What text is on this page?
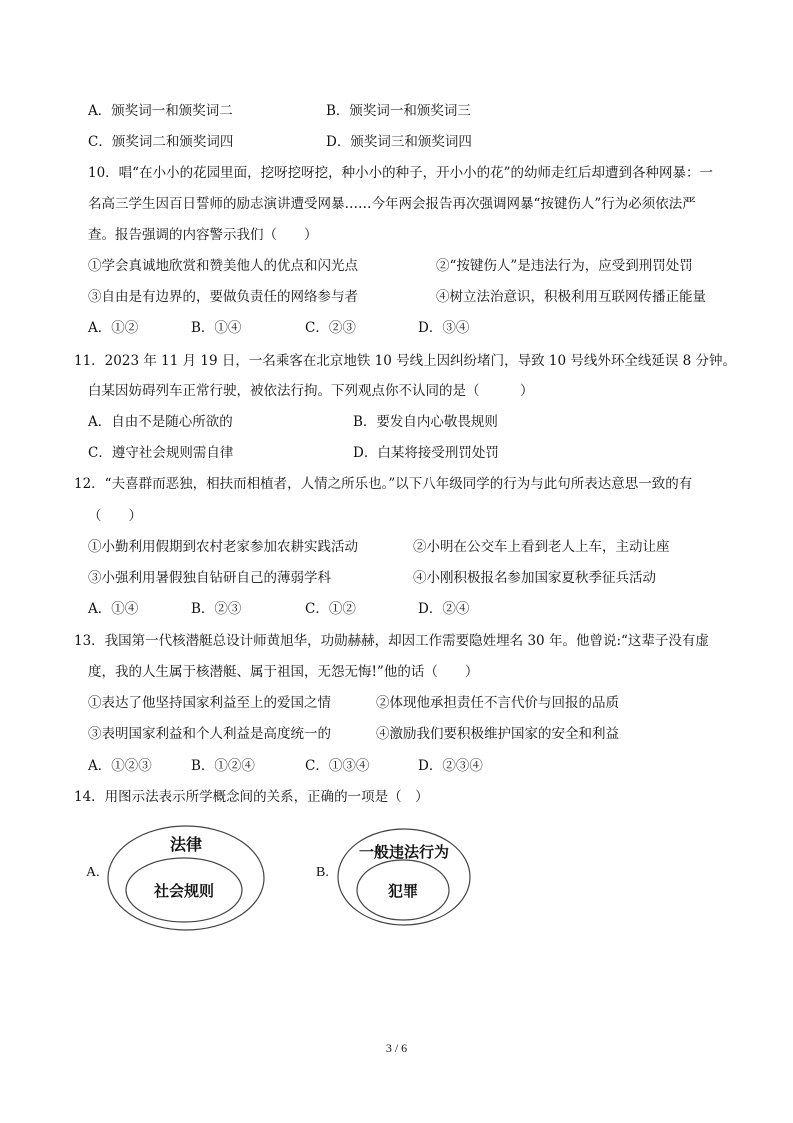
A．颁奖词一和颁奖词二	B．颁奖词一和颁奖词三
C．颁奖词二和颁奖词四	D．颁奖词三和颁奖词四
10．唱“在小小的花园里面，挖呀挖呀挖，种小小的种子，开小小的花”的幼师走红后却遭到各种网暴：一
名高三学生因百日誓师的励志演讲遭受网暴……今年两会报告再次强调网暴“按键伤人”行为必须依法严
查。报告强调的内容警示我们（　　）
①学会真诚地欣赏和赞美他人的优点和闪光点	②“按键伤人”是违法行为，应受到刑罚处罚
③自由是有边界的，要做负责任的网络参与者	④树立法治意识，积极利用互联网传播正能量
A．①②	B．①④	C．②③	D．③④
11．2023 年 11 月 19 日，一名乘客在北京地铁 10 号线上因纠纷堵门，导致 10 号线外环全线延误 8 分钟。
白某因妨碍列车正常行驶，被依法行拘。下列观点你不认同的是（　　　）
A．自由不是随心所欲的	B．要发自内心敬畏规则
C．遵守社会规则需自律	D．白某将接受刑罚处罚
12．“夫喜群而恶独，相扶而相植者，人情之所乐也。”以下八年级同学的行为与此句所表达意思一致的有
（　　）
①小勤利用假期到农村老家参加农耕实践活动	②小明在公交车上看到老人上车，主动让座
③小强利用暑假独自钻研自己的薄弱学科	④小刚积极报名参加国家夏秋季征兵活动
A．①④	B．②③	C．①②	D．②④
13．我国第一代核潜艇总设计师黄旭华，功勋赫赫，却因工作需要隐姓埋名 30 年。他曾说:“这辈子没有虚
度，我的人生属于核潜艇、属于祖国，无怨无悔!”他的话（　　）
①表达了他坚持国家利益至上的爱国之情	②体现他承担责任不言代价与回报的品质
③表明国家利益和个人利益是高度统一的	④激励我们要积极维护国家的安全和利益
A．①②③	B．①②④	C．①③④	D．②③④
14．用图示法表示所学概念间的关系，正确的一项是（　）
A.
法律
社会规则
B.
一般违法行为
犯罪
3 / 6
